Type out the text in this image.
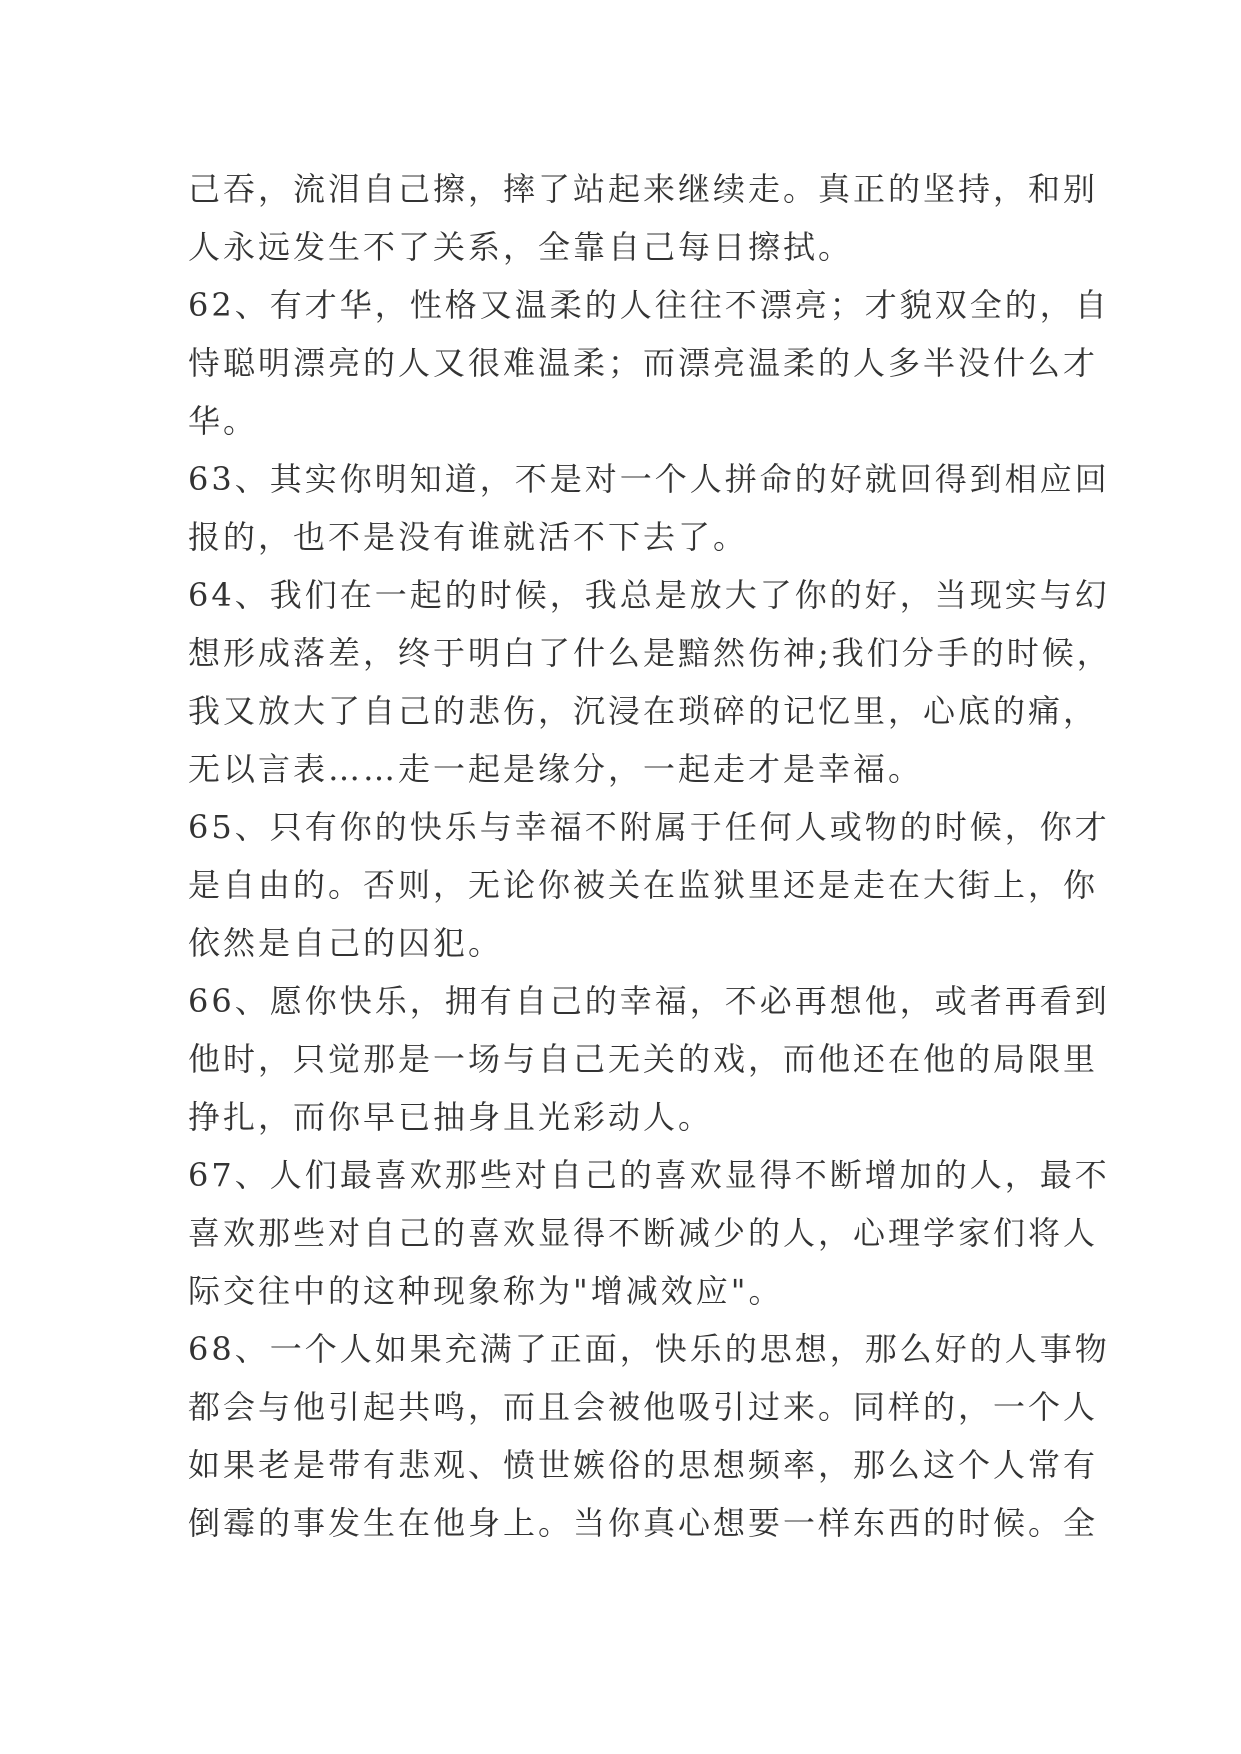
己吞，流泪自己擦，摔了站起来继续走。真正的坚持，和别
人永远发生不了关系，全靠自己每日擦拭。
62、有才华，性格又温柔的人往往不漂亮；才貌双全的，自
恃聪明漂亮的人又很难温柔；而漂亮温柔的人多半没什么才
华。
63、其实你明知道，不是对一个人拼命的好就回得到相应回
报的，也不是没有谁就活不下去了。
64、我们在一起的时候，我总是放大了你的好，当现实与幻
想形成落差，终于明白了什么是黯然伤神;我们分手的时候，
我又放大了自己的悲伤，沉浸在琐碎的记忆里，心底的痛，
无以言表……走一起是缘分，一起走才是幸福。
65、只有你的快乐与幸福不附属于任何人或物的时候，你才
是自由的。否则，无论你被关在监狱里还是走在大街上，你
依然是自己的囚犯。
66、愿你快乐，拥有自己的幸福，不必再想他，或者再看到
他时，只觉那是一场与自己无关的戏，而他还在他的局限里
挣扎，而你早已抽身且光彩动人。
67、人们最喜欢那些对自己的喜欢显得不断增加的人，最不
喜欢那些对自己的喜欢显得不断减少的人，心理学家们将人
际交往中的这种现象称为"增减效应"。
68、一个人如果充满了正面，快乐的思想，那么好的人事物
都会与他引起共鸣，而且会被他吸引过来。同样的，一个人
如果老是带有悲观、愤世嫉俗的思想频率，那么这个人常有
倒霉的事发生在他身上。当你真心想要一样东西的时候。全
